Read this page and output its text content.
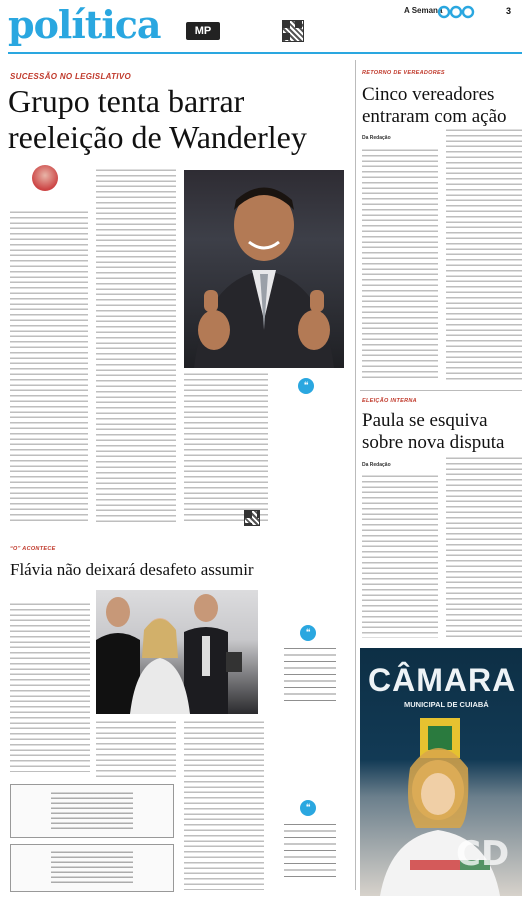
política	MP
A Semana	3
SUCESSÃO NO LEGISLATIVO
Grupo tenta barrar
reeleição de Wanderley
❝
RETORNO DE VEREADORES
Cinco vereadores
entraram com ação
Da Redação
ELEIÇÃO INTERNA
Paula se esquiva
sobre nova disputa
Da Redação
CÂMARA
MUNICIPAL DE CUIABÁ
CD
“O” ACONTECE
Flávia não deixará desafeto assumir
❝
❝
